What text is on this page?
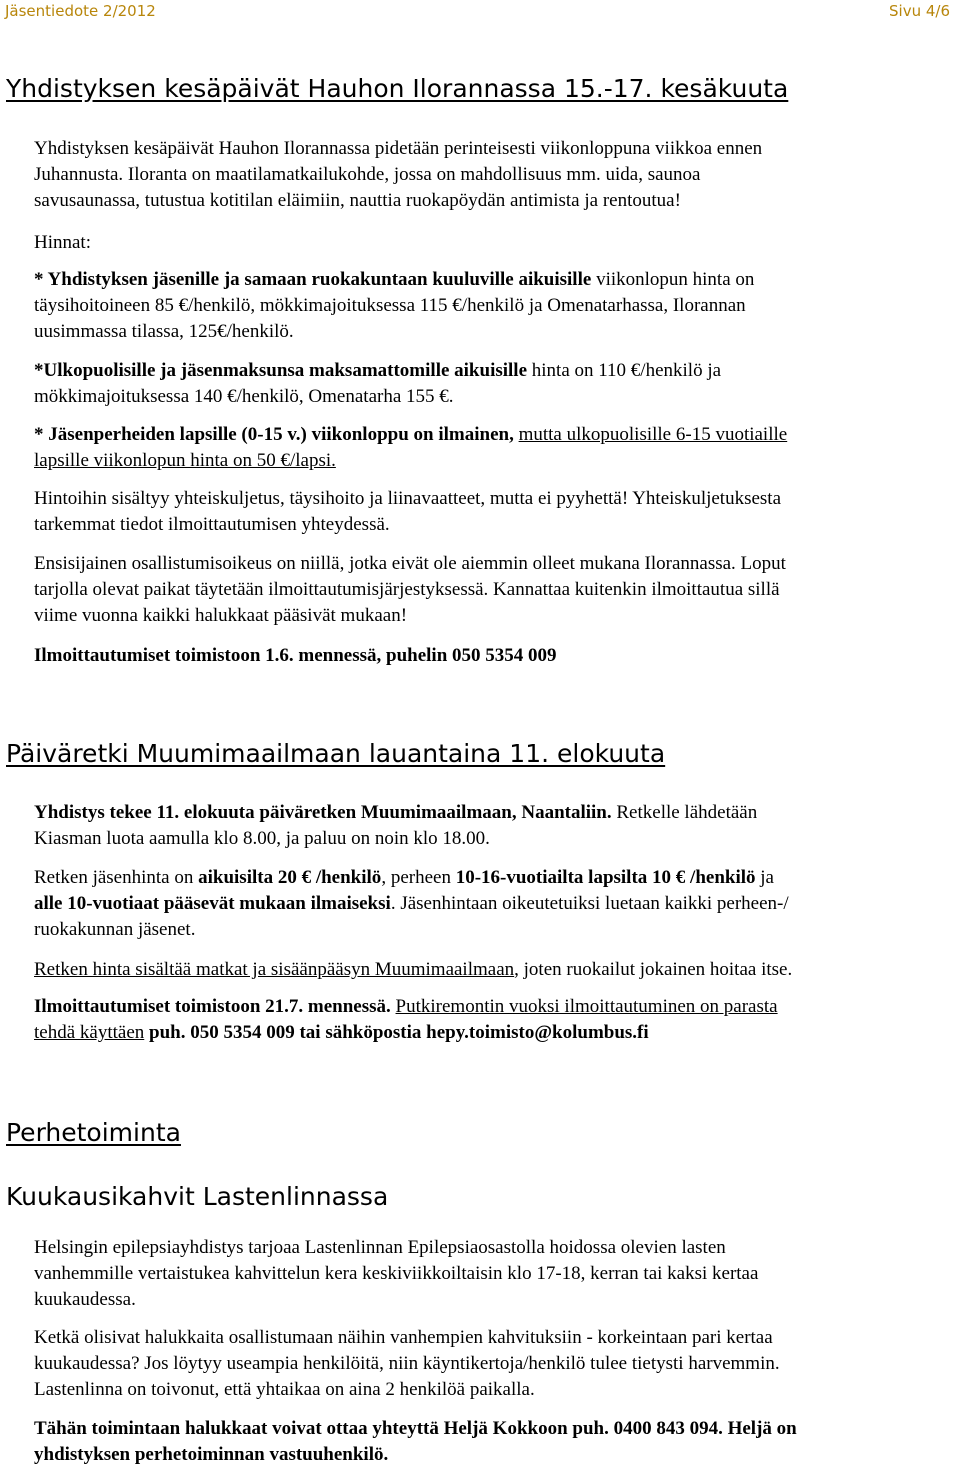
Jäsentiedote 2/2012	Sivu 4/6
Yhdistyksen kesäpäivät Hauhon Ilorannassa 15.-17. kesäkuuta
Yhdistyksen kesäpäivät Hauhon Ilorannassa pidetään perinteisesti viikonloppuna viikkoa ennen
Juhannusta. Iloranta on maatilamatkailukohde, jossa on mahdollisuus mm. uida, saunoa
savusaunassa, tutustua kotitilan eläimiin, nauttia ruokapöydän antimista ja rentoutua!
Hinnat:
* Yhdistyksen jäsenille ja samaan ruokakuntaan kuuluville aikuisille viikonlopun hinta on
täysihoitoineen 85 €/henkilö, mökkimajoituksessa 115 €/henkilö ja Omenatarhassa, Ilorannan
uusimmassa tilassa, 125€/henkilö.
*Ulkopuolisille ja jäsenmaksunsa maksamattomille aikuisille hinta on 110 €/henkilö ja
mökkimajoituksessa 140 €/henkilö, Omenatarha 155 €.
* Jäsenperheiden lapsille (0-15 v.) viikonloppu on ilmainen, mutta ulkopuolisille 6-15 vuotiaille
lapsille viikonlopun hinta on 50 €/lapsi.
Hintoihin sisältyy yhteiskuljetus, täysihoito ja liinavaatteet, mutta ei pyyhettä! Yhteiskuljetuksesta
tarkemmat tiedot ilmoittautumisen yhteydessä.
Ensisijainen osallistumisoikeus on niillä, jotka eivät ole aiemmin olleet mukana Ilorannassa. Loput
tarjolla olevat paikat täytetään ilmoittautumisjärjestyksessä. Kannattaa kuitenkin ilmoittautua sillä
viime vuonna kaikki halukkaat pääsivät mukaan!
Ilmoittautumiset toimistoon 1.6. mennessä, puhelin 050 5354 009
Päiväretki Muumimaailmaan lauantaina 11. elokuuta
Yhdistys tekee 11. elokuuta päiväretken Muumimaailmaan, Naantaliin. Retkelle lähdetään
Kiasman luota aamulla klo 8.00, ja paluu on noin klo 18.00.
Retken jäsenhinta on aikuisilta 20 € /henkilö, perheen 10-16-vuotiailta lapsilta 10 € /henkilö ja
alle 10-vuotiaat pääsevät mukaan ilmaiseksi. Jäsenhintaan oikeutetuiksi luetaan kaikki perheen-/
ruokakunnan jäsenet.
Retken hinta sisältää matkat ja sisäänpääsyn Muumimaailmaan, joten ruokailut jokainen hoitaa itse.
Ilmoittautumiset toimistoon 21.7. mennessä. Putkiremontin vuoksi ilmoittautuminen on parasta
tehdä käyttäen puh. 050 5354 009 tai sähköpostia hepy.toimisto@kolumbus.fi
Perhetoiminta
Kuukausikahvit Lastenlinnassa
Helsingin epilepsiayhdistys tarjoaa Lastenlinnan Epilepsiaosastolla hoidossa olevien lasten
vanhemmille vertaistukea kahvittelun kera keskiviikkoiltaisin klo 17-18, kerran tai kaksi kertaa
kuukaudessa.
Ketkä olisivat halukkaita osallistumaan näihin vanhempien kahvituksiin - korkeintaan pari kertaa
kuukaudessa? Jos löytyy useampia henkilöitä, niin käyntikertoja/henkilö tulee tietysti harvemmin.
Lastenlinna on toivonut, että yhtaikaa on aina 2 henkilöä paikalla.
Tähän toimintaan halukkaat voivat ottaa yhteyttä Heljä Kokkoon puh. 0400 843 094. Heljä on
yhdistyksen perhetoiminnan vastuuhenkilö.
